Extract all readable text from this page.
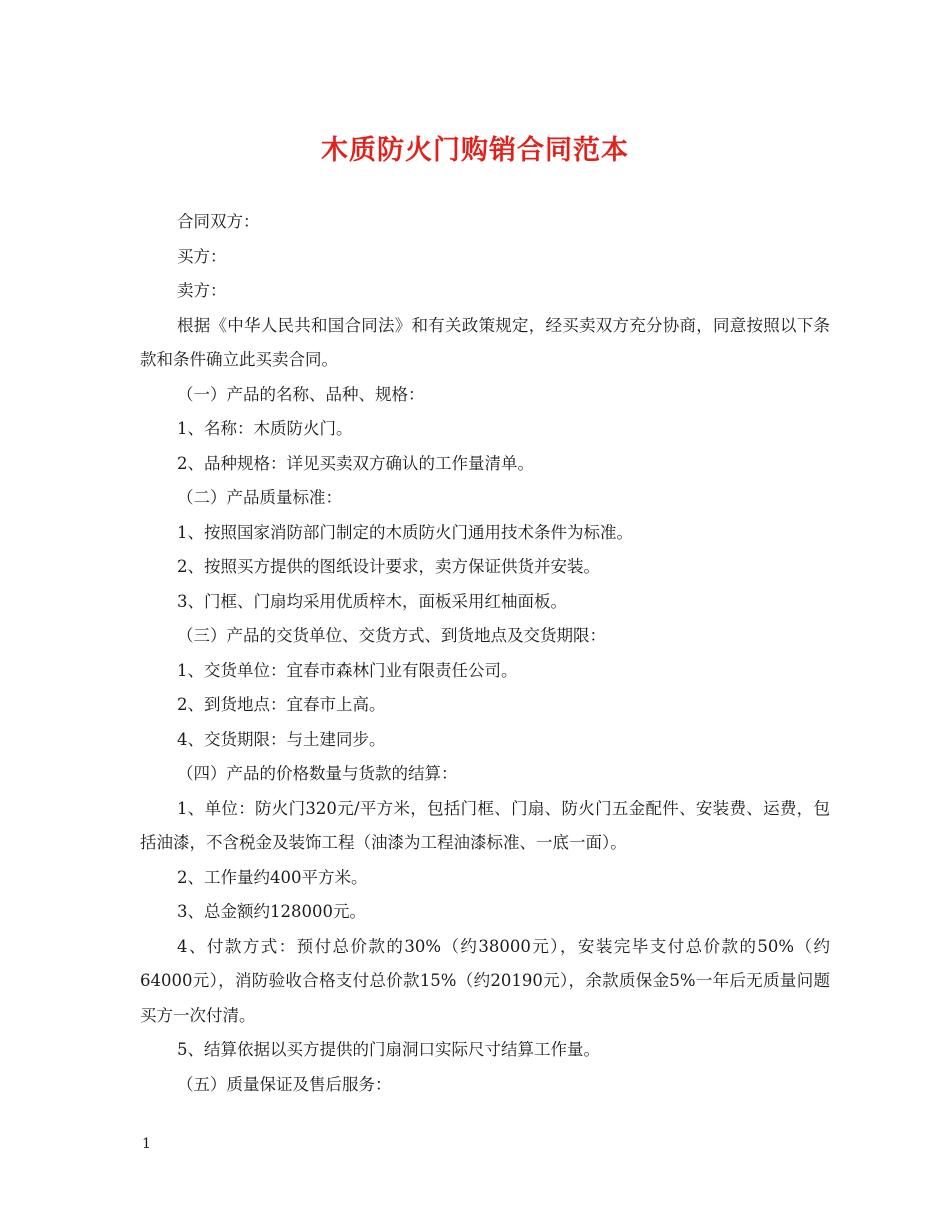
木质防火门购销合同范本

合同双方：

买方：

卖方：

根据《中华人民共和国合同法》和有关政策规定，经买卖双方充分协商，同意按照以下条款和条件确立此买卖合同。

（一）产品的名称、品种、规格：

1、名称：木质防火门。

2、品种规格：详见买卖双方确认的工作量清单。

（二）产品质量标准：

1、按照国家消防部门制定的木质防火门通用技术条件为标准。

2、按照买方提供的图纸设计要求，卖方保证供货并安装。

3、门框、门扇均采用优质梓木，面板采用红柚面板。

（三）产品的交货单位、交货方式、到货地点及交货期限：

1、交货单位：宜春市森林门业有限责任公司。

2、到货地点：宜春市上高。

4、交货期限：与土建同步。

（四）产品的价格数量与货款的结算：

1、单位：防火门320元/平方米，包括门框、门扇、防火门五金配件、安装费、运费，包括油漆，不含税金及装饰工程（油漆为工程油漆标准、一底一面）。

2、工作量约400平方米。

3、总金额约128000元。

4、付款方式：预付总价款的30%（约38000元），安装完毕支付总价款的50%（约64000元），消防验收合格支付总价款15%（约20190元），余款质保金5%一年后无质量问题买方一次付清。

5、结算依据以买方提供的门扇洞口实际尺寸结算工作量。

（五）质量保证及售后服务：

1
